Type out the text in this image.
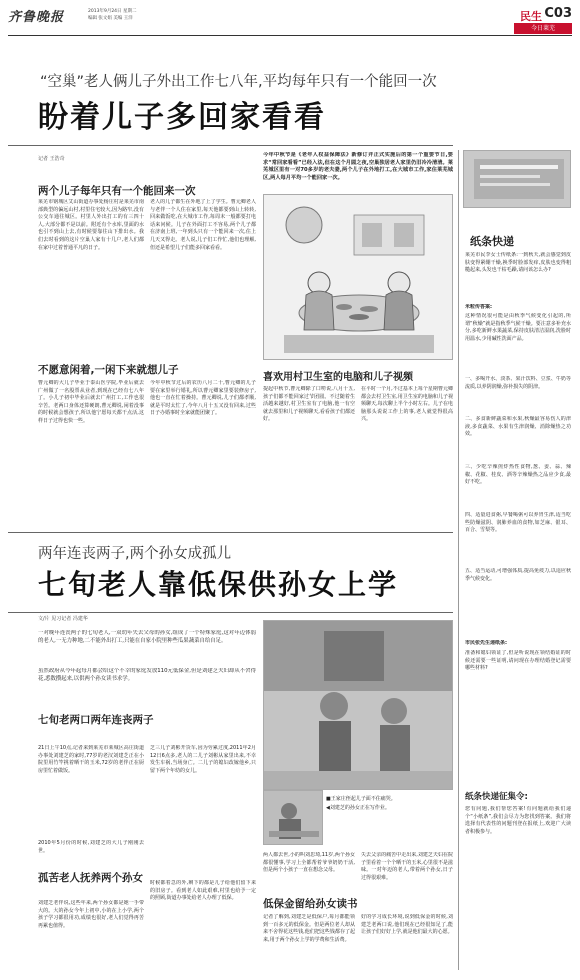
齐鲁晚报	2013年9月24日 星期二
编辑 张文娟 美编 王洋	民生 C03
今日莱芜
“空巢”老人俩儿子外出工作七八年,平均每年只有一个能回一次
盼着儿子多回家看看
记者 王浩奇
今年中秋节是《老年人权益保障法》新修订并正式实施后的第一个重要节日,要求“常回家看看”已经入法,但在这个月圆之夜,空巢独居老人家里仍旧冷冷清清。莱芜城区里有一对70多岁的老夫妻,两个儿子在外地打工,在大城市工作,家住莱芜城区,两人每月平均一个能回家一次。
两个儿子每年只有一个能回来一次
莱芜市钢城区艾山街道办事处杨庄村是莱芜市南部典型的偏远山村,村里住宅较大,因为路窄,没有公交车通往城区。村里人外出打工的有三四十人,大部分都不是以前。附近有个水库,里面的水也引不到山上去,有时候要靠往山下排出水。我们去时看到的这片空巢人家有十几户,老人们都在家中过着普通平凡的日子。
老人的儿子都生在外地了上了学生。曹元卿老人与老伴一个人住在家里,每天他都要到山上转转,回来做饭吃,在大城市工作,每周末一般都要打电话来问候。儿子在外面打工不容易,两个儿子都在济南上班,一年到头只有一个能回来一次,住上几天又得走。老人说,儿子们工作忙,他们也理解,但还是希望儿子们能多回家看看。
不愿意闲着,一闲下来就想儿子
曹元卿的大儿子毕业于泰山医学院,毕业后就去广州做了一名股票从业者,到现在已经有七八年了。小儿子初中毕业后就去广州打工,工作也很辛苦。老两口身体还算硬朗,曹元卿说,闲着没事的时候就会想孩子,所以他宁愿每天都干点活,这样日子过得也快一些。
今年中秋节过后的农历八月二十,曹元卿的儿子要在家里举行婚礼,所以曹元卿家里要装修房子,他也一直在忙着操持。曹元卿说,儿子们都孝顺,就是平时太忙了,今年八月十五又没有回来,过些日子办婚事时全家就能团聚了。
喜欢用村卫生室的电脑和儿子视频
提起中秋节,曹元卿除了口唠说,八月十五,孩子们都不能回家过节团圆。不过随着生活越来越好,村卫生室有了电脑,他一有空就去那里和儿子视频聊天,看看孩子们都还好。
在平时一个月,不过基本上每个星期曹元卿都会去村卫生室,用卫生室的电脑和儿子视频聊天,每次聊上半个小时左右。儿子在电脑那头说说工作上的事,老人就觉得很高兴。
纸条快递
莱芜市民李女士传纸条:一到秋天,就会感觉到皮肤变得紧绷干燥,换季时脸部发痒,皮肤也变得粗糙起来,头发也干枯毛躁,请问该怎么办?
米粒传答案:
这种情况很可能是由秋季气候变化引起的,所谓“秋燥”就是指秋季气候干燥。要注意多补充水分,多吃新鲜水果蔬菜,保持皮肤清洁湿润,洗脸时用温水,少用碱性洗面产品。
一、多喝开水、淡茶、果汁饮料、豆浆、牛奶等流质,以养阴润燥,弥补损失的阴津。
二、多食新鲜蔬菜和水果,秋燥最容易伤人的津液,多食蔬菜、水果有生津润燥、消除燥热之功效。
三、少吃辛辣煎炸热性食物,葱、姜、蒜、辣椒、花椒、桂皮、酒等辛辣燥热之品应少食,最好不吃。
四、适量进食粥,早餐喝粥可以养胃生津,适当吃些防燥滋阴、润肺养血的食物,如芝麻、银耳、百合、雪梨等。
五、适当运动,可增强体质,提高免疫力,以适应秋季气候变化。
市民张先生递纸条:
准备和媳妇领证了,但是听说现在领结婚证的时候还需要一些证明,请问现在办理结婚登记需要哪些材料?
纸条快递征集令:
您有问题,我们帮您答案!有问题就给我们递个“小纸条”,我们会尽力为您找到答案。我们将选择有代表性的问题刊登在报纸上,欢迎广大读者积极参与。
两年连丧两子,两个孙女成孤儿
七旬老人靠低保供孙女上学
文/片 见习记者 冯建华
一对晚年连丧两子的七旬老人,一双幼年失去父母的孙女,组成了一个特殊家庭,这对年迈体弱的老人,一无力种地,二不能外出打工,只能在自家小院里种些瓜果蔬菜自给自足。
虽然政府从今年起每月都会给这个不幸的家庭发放110元低保金,但是刘建芝夫妇却从不舍得花,悉数攒起来,以供两个孙女读书求学。
七旬老两口两年连丧两子
21日上午10点,记者来到莱芜市莱城区高庄街道办事处刘建芝的家时,77岁的老汉刘建芝正在小院里用竹竿挑着晒干的玉米,72岁的老伴正在厨房里忙着做饭。
2010年5月份的时候,刘建芝的大儿子刚刚去世。
芝三儿子刘彬开货车,因为劳累过度,2011年2月12日6点多,老人的二儿子刘彬从家里出来,不幸发生车祸,当场身亡。二儿子的媳妇改嫁他乡,只留下两个年幼的女儿。
■王家庄侄起儿子面不住痛哭。
◀刘建芝的孙女正在写作业。
两人都去世,小的叫刘思琦,11岁,两个孙女都很懂事,学习上全都帮着爷爷奶奶干活,但是两个小孩子一直在想念父母。
失去父亲的痛苦中走出来,刘建芝夫妇在院子里看着一个个晒干的玉米,心里很不是滋味。一对年迈的老人,带着两个孙女,日子过得很艰难。
孤苦老人抚养两个孙女
刘建芝老伴说,这些年来,两个孙女都是她一手带大的。大的孙女今年上初中,小的在上小学,两个孩子学习都很用功,成绩也很好,老人们觉得再苦再累也值得。
时候都着急的外,剩下的都是儿子给他们留下来的旧房子。看到老人如此艰难,村里也给予一定的照顾,街道办事处给老人办理了低保。	低保金留给孙女读书
记者了解到,刘建芝是低保户,每月都能领到一百多元的低保金。但是两位老人却从来不舍得花这些钱,他们把这些钱都存了起来,用于两个孙女上学的学费和生活费。
好的学习成长环境,说到低保金的时候,刘建芝老两口说,他们现在已经很知足了,能让孩子们好好上学,就是他们最大的心愿。
